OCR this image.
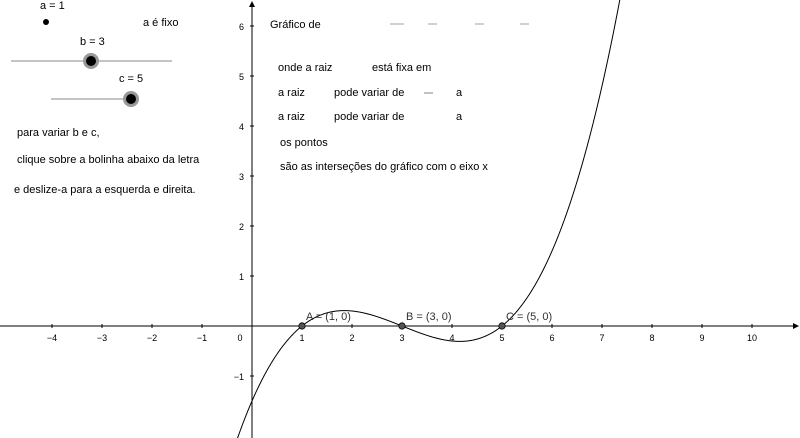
−4	−3	−2	−1	0	1	2	3	4	5	6	7	8	9	10
−1
1
2
3
4
5
6
A = (1, 0)	B = (3, 0)	C = (5, 0)
a = 1
a é fixo
b = 3
c = 5
para variar b e c,
clique sobre a bolinha abaixo da letra
e deslize-a para a esquerda e direita.
Gráfico de
onde a raiz	está fixa em
a raiz	pode variar de	a
a raiz	pode variar de	a
os pontos
são as interseções do gráfico com o eixo x
